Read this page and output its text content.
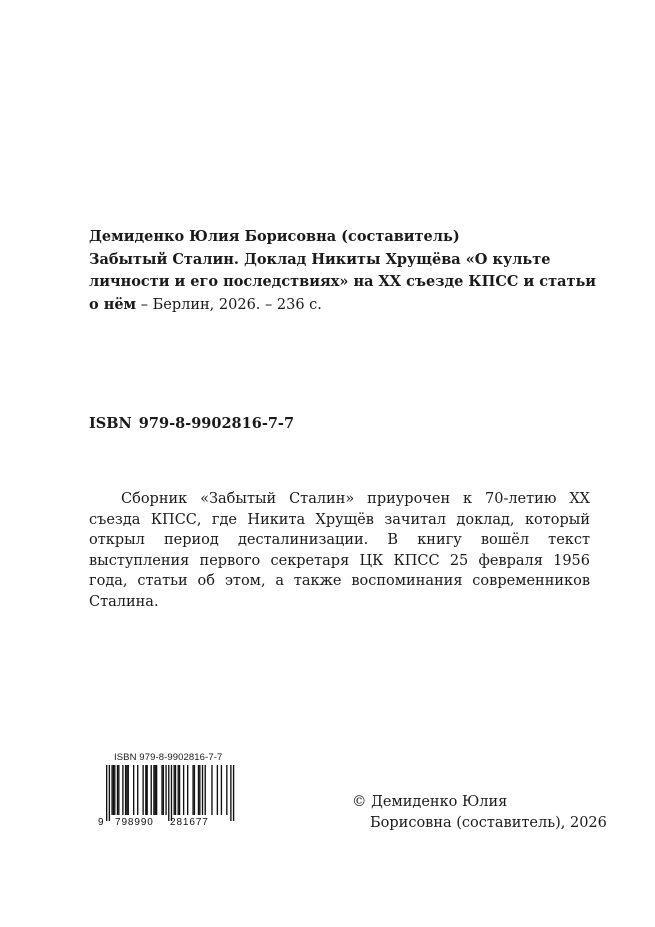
Демиденко Юлия Борисовна (составитель)
Забытый Сталин. Доклад Никиты Хрущёва «О культе
личности и его последствиях» на XX съезде КПСС и статьи
о нём – Берлин, 2026. – 236 с.

ISBN 979-8-9902816-7-7

Сборник «Забытый Сталин» приурочен к 70-летию XX съезда КПСС, где Никита Хрущёв зачитал доклад, который открыл период десталинизации. В книгу вошёл текст выступления первого секретаря ЦК КПСС 25 февраля 1956 года, статьи об этом, а также воспоминания современников Сталина.

ISBN 979-8-9902816-7-7
9 798990 281677
© Демиденко Юлия
Борисовна (составитель), 2026
